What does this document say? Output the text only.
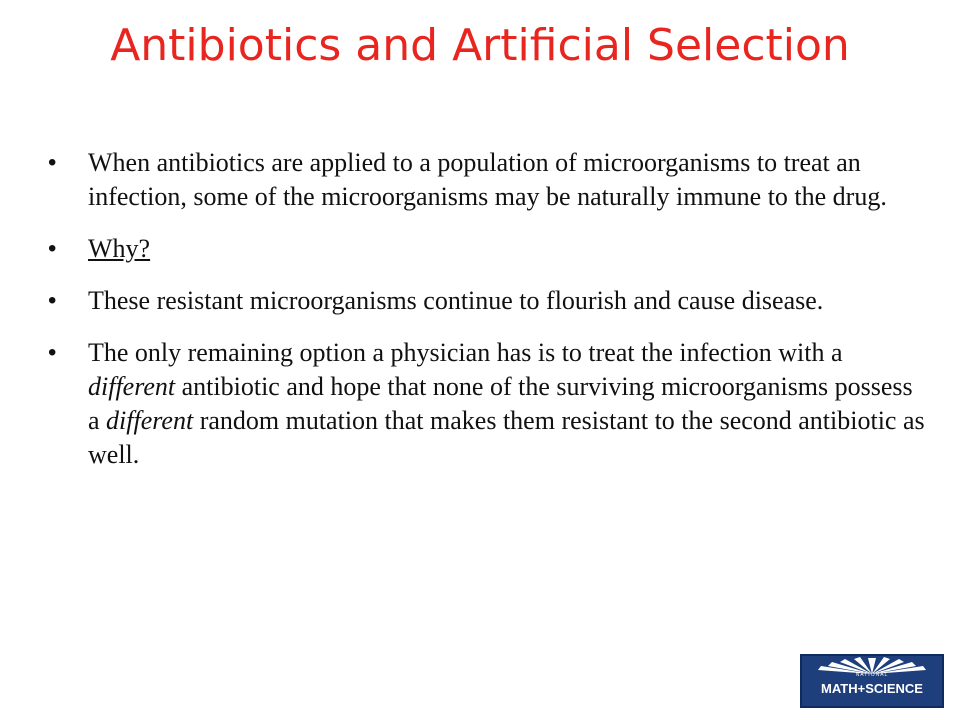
Antibiotics and Artificial Selection
• When antibiotics are applied to a population of microorganisms to treat an infection, some of the microorganisms may be naturally immune to the drug.
• Why?
• These resistant microorganisms continue to flourish and cause disease.
• The only remaining option a physician has is to treat the infection with a different antibiotic and hope that none of the surviving microorganisms possess a different random mutation that makes them resistant to the second antibiotic as well.
NATIONAL
MATH+SCIENCE
